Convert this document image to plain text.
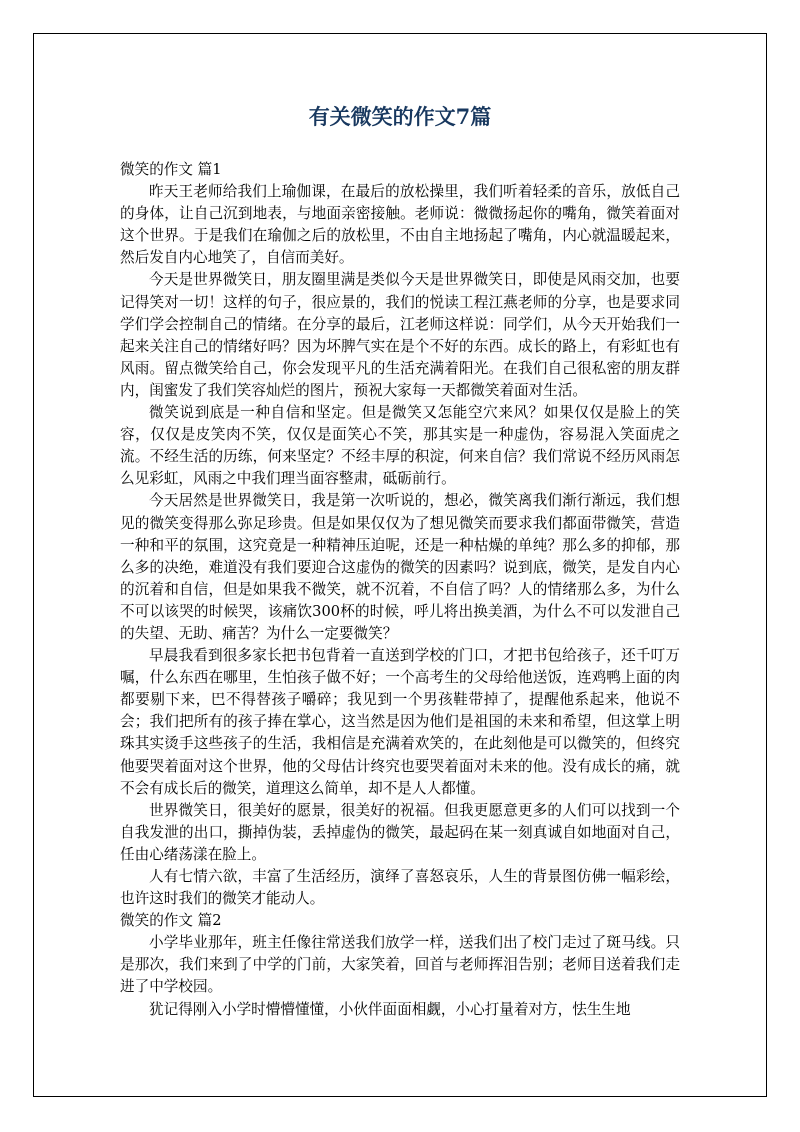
有关微笑的作文7篇

微笑的作文 篇1

昨天王老师给我们上瑜伽课，在最后的放松操里，我们听着轻柔的音乐，放低自己的身体，让自己沉到地表，与地面亲密接触。老师说：微微扬起你的嘴角，微笑着面对这个世界。于是我们在瑜伽之后的放松里，不由自主地扬起了嘴角，内心就温暖起来，然后发自内心地笑了，自信而美好。

今天是世界微笑日，朋友圈里满是类似今天是世界微笑日，即使是风雨交加，也要记得笑对一切！这样的句子，很应景的，我们的悦读工程江燕老师的分享，也是要求同学们学会控制自己的情绪。在分享的最后，江老师这样说：同学们，从今天开始我们一起来关注自己的情绪好吗？因为坏脾气实在是个不好的东西。成长的路上，有彩虹也有风雨。留点微笑给自己，你会发现平凡的生活充满着阳光。在我们自己很私密的朋友群内，闺蜜发了我们笑容灿烂的图片，预祝大家每一天都微笑着面对生活。

微笑说到底是一种自信和坚定。但是微笑又怎能空穴来风？如果仅仅是脸上的笑容，仅仅是皮笑肉不笑，仅仅是面笑心不笑，那其实是一种虚伪，容易混入笑面虎之流。不经生活的历练，何来坚定？不经丰厚的积淀，何来自信？我们常说不经历风雨怎么见彩虹，风雨之中我们理当面容整肃，砥砺前行。

今天居然是世界微笑日，我是第一次听说的，想必，微笑离我们渐行渐远，我们想见的微笑变得那么弥足珍贵。但是如果仅仅为了想见微笑而要求我们都面带微笑，营造一种和平的氛围，这究竟是一种精神压迫呢，还是一种枯燥的单纯？那么多的抑郁，那么多的决绝，难道没有我们要迎合这虚伪的微笑的因素吗？说到底，微笑，是发自内心的沉着和自信，但是如果我不微笑，就不沉着，不自信了吗？人的情绪那么多，为什么不可以该哭的时候哭，该痛饮300杯的时候，呼儿将出换美酒，为什么不可以发泄自己的失望、无助、痛苦？为什么一定要微笑？

早晨我看到很多家长把书包背着一直送到学校的门口，才把书包给孩子，还千叮万嘱，什么东西在哪里，生怕孩子做不好；一个高考生的父母给他送饭，连鸡鸭上面的肉都要剔下来，巴不得替孩子嚼碎；我见到一个男孩鞋带掉了，提醒他系起来，他说不会；我们把所有的孩子捧在掌心，这当然是因为他们是祖国的未来和希望，但这掌上明珠其实烫手这些孩子的生活，我相信是充满着欢笑的，在此刻他是可以微笑的，但终究他要哭着面对这个世界，他的父母估计终究也要哭着面对未来的他。没有成长的痛，就不会有成长后的微笑，道理这么简单，却不是人人都懂。

世界微笑日，很美好的愿景，很美好的祝福。但我更愿意更多的人们可以找到一个自我发泄的出口，撕掉伪装，丢掉虚伪的微笑，最起码在某一刻真诚自如地面对自己，任由心绪荡漾在脸上。

人有七情六欲，丰富了生活经历，演绎了喜怒哀乐，人生的背景图仿佛一幅彩绘，也许这时我们的微笑才能动人。

微笑的作文 篇2

小学毕业那年，班主任像往常送我们放学一样，送我们出了校门走过了斑马线。只是那次，我们来到了中学的门前，大家笑着，回首与老师挥泪告别；老师目送着我们走进了中学校园。

犹记得刚入小学时懵懵懂懂，小伙伴面面相觑，小心打量着对方，怯生生地
